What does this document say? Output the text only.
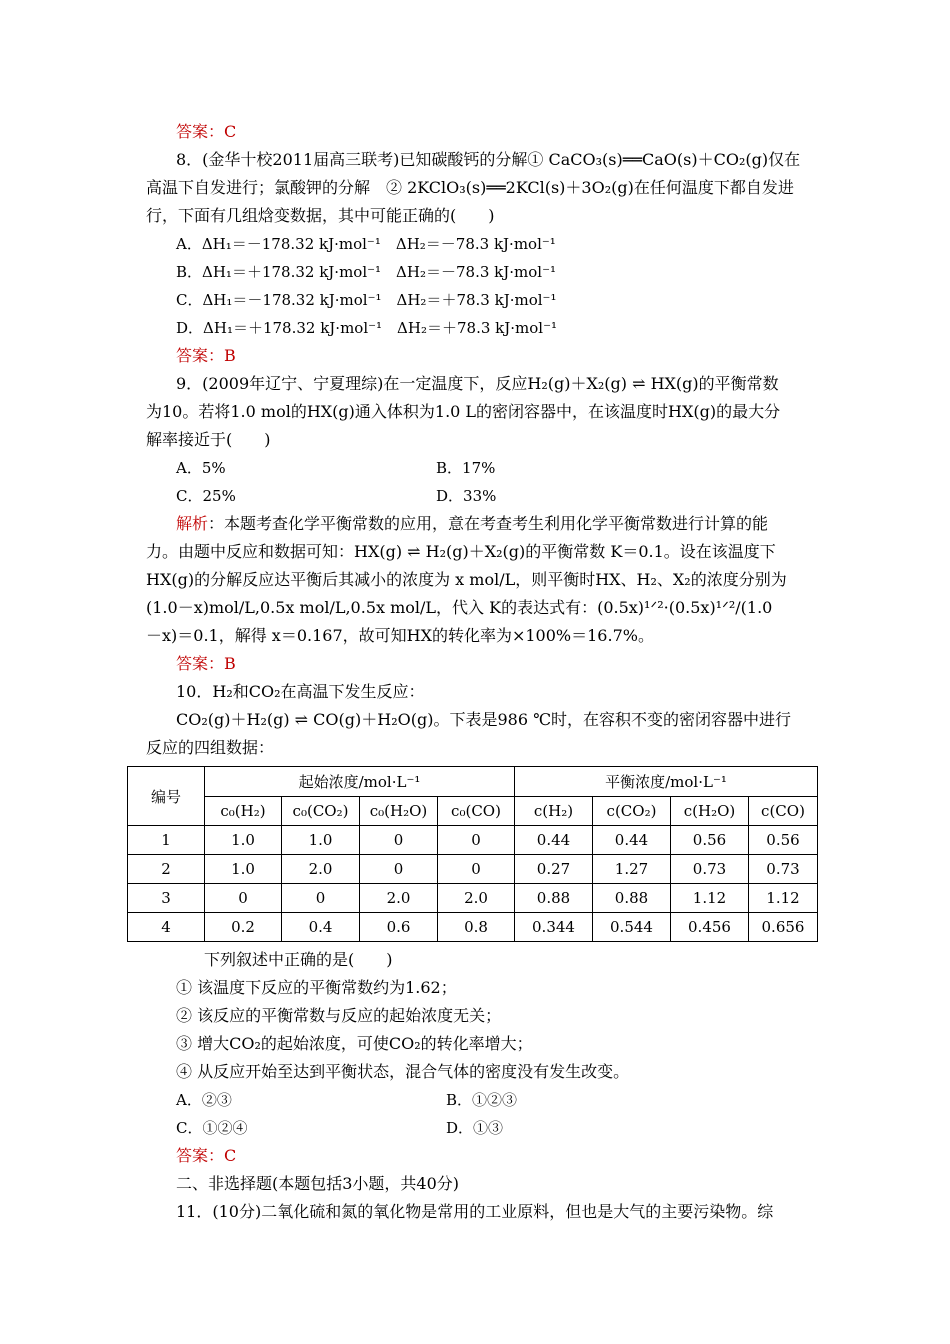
答案：C
8．(金华十校2011届高三联考)已知碳酸钙的分解① CaCO₃(s)══CaO(s)＋CO₂(g)仅在
高温下自发进行；氯酸钾的分解　② 2KClO₃(s)══2KCl(s)＋3O₂(g)在任何温度下都自发进
行，下面有几组焓变数据，其中可能正确的(　　)
A．ΔH₁＝－178.32 kJ·mol⁻¹　ΔH₂＝－78.3 kJ·mol⁻¹
B．ΔH₁＝＋178.32 kJ·mol⁻¹　ΔH₂＝－78.3 kJ·mol⁻¹
C．ΔH₁＝－178.32 kJ·mol⁻¹　ΔH₂＝＋78.3 kJ·mol⁻¹
D．ΔH₁＝＋178.32 kJ·mol⁻¹　ΔH₂＝＋78.3 kJ·mol⁻¹
答案：B
9．(2009年辽宁、宁夏理综)在一定温度下，反应H₂(g)＋X₂(g) ⇌ HX(g)的平衡常数
为10。若将1.0 mol的HX(g)通入体积为1.0 L的密闭容器中，在该温度时HX(g)的最大分
解率接近于(　　)
A．5%	B．17%
C．25%	D．33%
解析：本题考查化学平衡常数的应用，意在考查考生利用化学平衡常数进行计算的能
力。由题中反应和数据可知：HX(g) ⇌ H₂(g)＋X₂(g)的平衡常数 K＝0.1。设在该温度下
HX(g)的分解反应达平衡后其减小的浓度为 x mol/L，则平衡时HX、H₂、X₂的浓度分别为
(1.0－x)mol/L,0.5x mol/L,0.5x mol/L，代入 K的表达式有：(0.5x)¹ᐟ²·(0.5x)¹ᐟ²/(1.0
－x)＝0.1，解得 x＝0.167，故可知HX的转化率为×100%＝16.7%。
答案：B
10．H₂和CO₂在高温下发生反应：
CO₂(g)＋H₂(g) ⇌ CO(g)＋H₂O(g)。下表是986 ℃时，在容积不变的密闭容器中进行
反应的四组数据：
编号	起始浓度/mol·L⁻¹				平衡浓度/mol·L⁻¹			
	c₀(H₂)	c₀(CO₂)	c₀(H₂O)	c₀(CO)	c(H₂)	c(CO₂)	c(H₂O)	c(CO)
1	1.0	1.0	0	0	0.44	0.44	0.56	0.56
2	1.0	2.0	0	0	0.27	1.27	0.73	0.73
3	0	0	2.0	2.0	0.88	0.88	1.12	1.12
4	0.2	0.4	0.6	0.8	0.344	0.544	0.456	0.656
下列叙述中正确的是(　　)
① 该温度下反应的平衡常数约为1.62；
② 该反应的平衡常数与反应的起始浓度无关；
③ 增大CO₂的起始浓度，可使CO₂的转化率增大；
④ 从反应开始至达到平衡状态，混合气体的密度没有发生改变。
A．②③	B．①②③
C．①②④	D．①③
答案：C
二、非选择题(本题包括3小题，共40分)
11．(10分)二氧化硫和氮的氧化物是常用的工业原料，但也是大气的主要污染物。综
